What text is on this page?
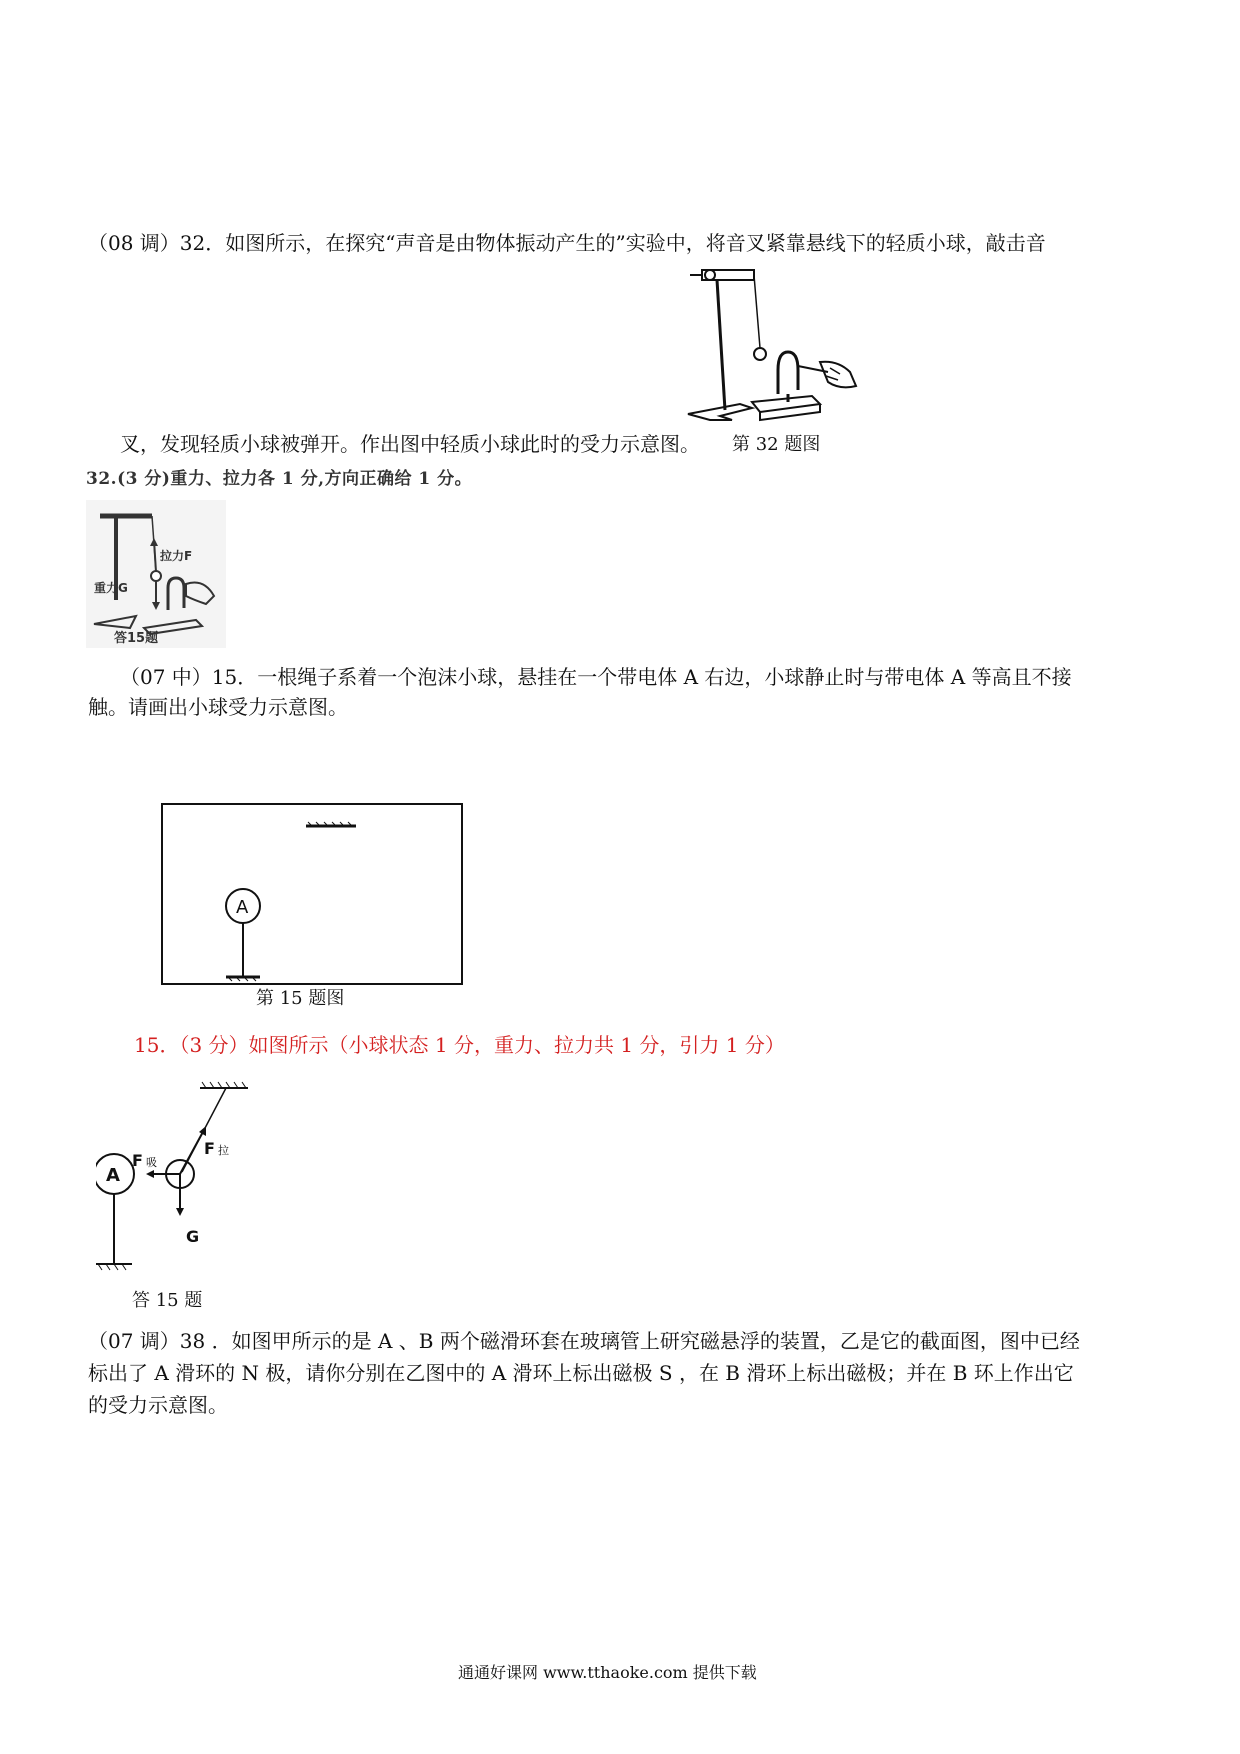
（08 调）32．如图所示，在探究“声音是由物体振动产生的”实验中，将音叉紧靠悬线下的轻质小球，敲击音
叉，发现轻质小球被弹开。作出图中轻质小球此时的受力示意图。 第 32 题图
32.(3 分)重力、拉力各 1 分,方向正确给 1 分。
拉力F
重力G
答15题
（07 中）15．一根绳子系着一个泡沫小球，悬挂在一个带电体 A 右边，小球静止时与带电体 A 等高且不接
触。请画出小球受力示意图。
A
第 15 题图
15．（3 分）如图所示（小球状态 1 分，重力、拉力共 1 分，引力 1 分）
A
F 吸
F 拉
G
答 15 题
（07 调）38 ．如图甲所示的是 A 、B 两个磁滑环套在玻璃管上研究磁悬浮的装置，乙是它的截面图，图中已经
标出了 A 滑环的 N 极，请你分别在乙图中的 A 滑环上标出磁极 S ，在 B 滑环上标出磁极；并在 B 环上作出它
的受力示意图。
通通好课网 www.tthaoke.com 提供下载
